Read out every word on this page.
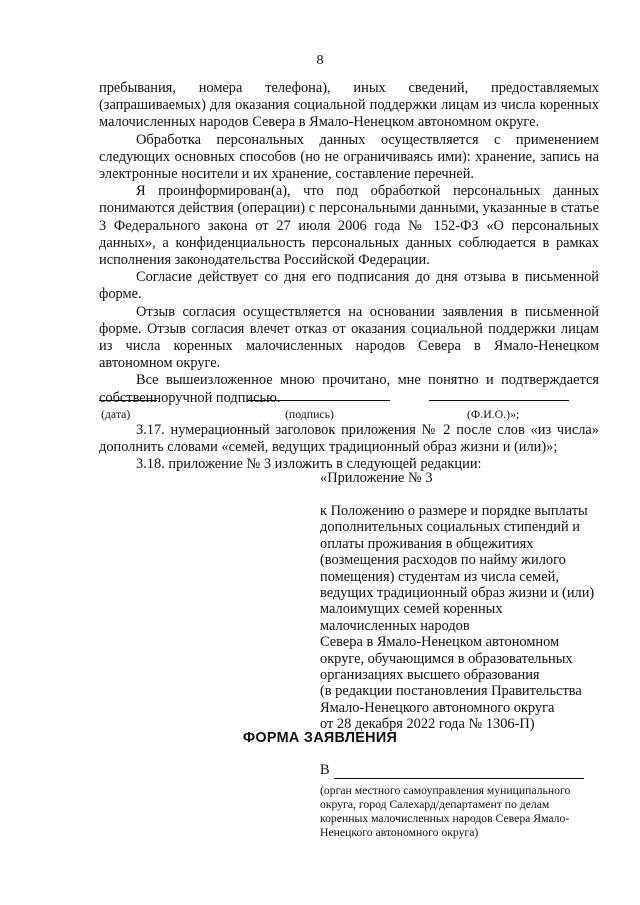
8

пребывания, номера телефона), иных сведений, предоставляемых (запрашиваемых) для оказания социальной поддержки лицам из числа коренных малочисленных народов Севера в Ямало-Ненецком автономном округе.

Обработка персональных данных осуществляется с применением следующих основных способов (но не ограничиваясь ими): хранение, запись на электронные носители и их хранение, составление перечней.

Я проинформирован(а), что под обработкой персональных данных понимаются действия (операции) с персональными данными, указанные в статье 3 Федерального закона от 27 июля 2006 года № 152-ФЗ «О персональных данных», а конфиденциальность персональных данных соблюдается в рамках исполнения законодательства Российской Федерации.

Согласие действует со дня его подписания до дня отзыва в письменной форме.

Отзыв согласия осуществляется на основании заявления в письменной форме. Отзыв согласия влечет отказ от оказания социальной поддержки лицам из числа коренных малочисленных народов Севера в Ямало-Ненецком автономном округе.

Все вышеизложенное мною прочитано, мне понятно и подтверждается собственноручной подписью.

(дата)	(подпись)	(Ф.И.О.)»;

3.17. нумерационный заголовок приложения № 2 после слов «из числа» дополнить словами «семей, ведущих традиционный образ жизни и (или)»;

3.18. приложение № 3 изложить в следующей редакции:

«Приложение № 3
к Положению о размере и порядке выплаты
дополнительных социальных стипендий и
оплаты проживания в общежитиях
(возмещения расходов по найму жилого
помещения) студентам из числа семей,
ведущих традиционный образ жизни и (или)
малоимущих семей коренных
малочисленных народов
Севера в Ямало-Ненецком автономном
округе, обучающимся в образовательных
организациях высшего образования
(в редакции постановления Правительства
Ямало-Ненецкого автономного округа
от 28 декабря 2022 года № 1306-П)
ФОРМА ЗАЯВЛЕНИЯ
В
(орган местного самоуправления муниципального
округа, город Салехард/департамент по делам
коренных малочисленных народов Севера Ямало-
Ненецкого автономного округа)
